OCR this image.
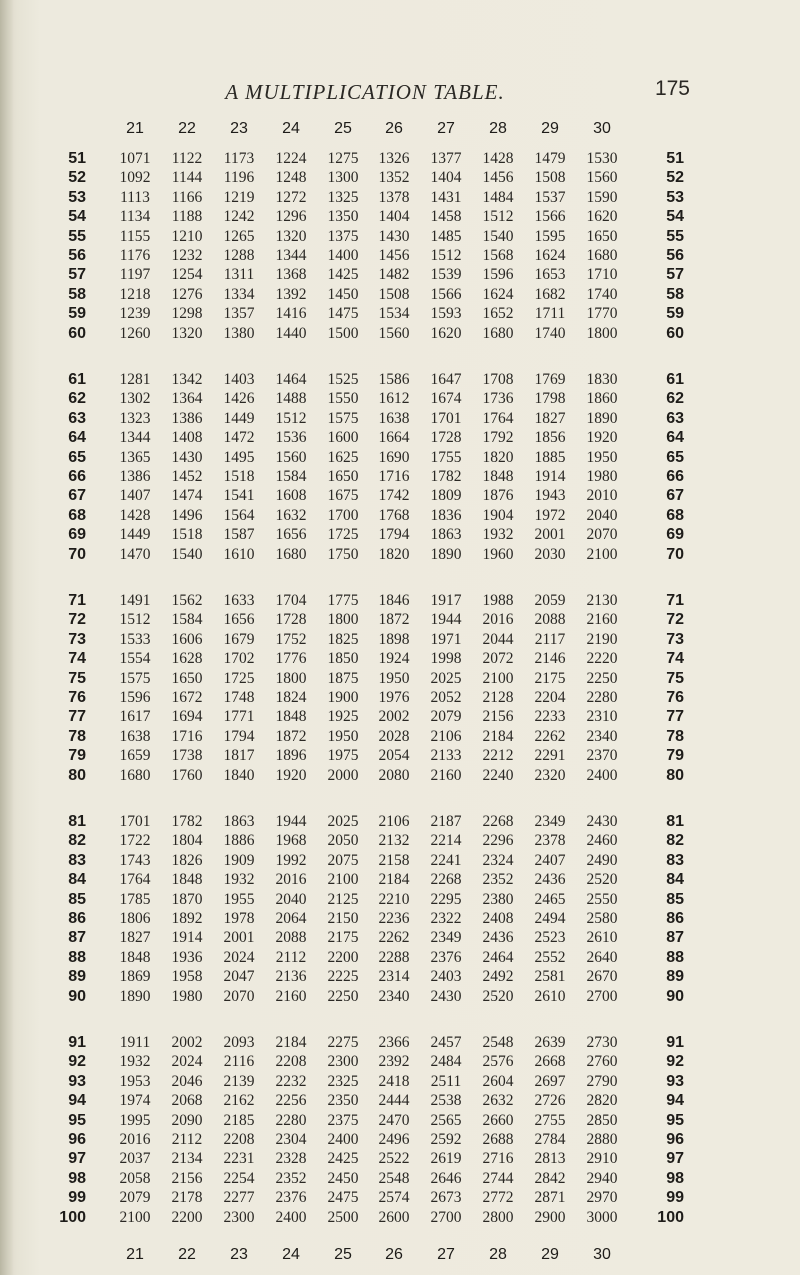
A MULTIPLICATION TABLE.	175
21	22	23	24	25	26	27	28	29	30
51	1071	1122	1173	1224	1275	1326	1377	1428	1479	1530	51
52	1092	1144	1196	1248	1300	1352	1404	1456	1508	1560	52
53	1113	1166	1219	1272	1325	1378	1431	1484	1537	1590	53
54	1134	1188	1242	1296	1350	1404	1458	1512	1566	1620	54
55	1155	1210	1265	1320	1375	1430	1485	1540	1595	1650	55
56	1176	1232	1288	1344	1400	1456	1512	1568	1624	1680	56
57	1197	1254	1311	1368	1425	1482	1539	1596	1653	1710	57
58	1218	1276	1334	1392	1450	1508	1566	1624	1682	1740	58
59	1239	1298	1357	1416	1475	1534	1593	1652	1711	1770	59
60	1260	1320	1380	1440	1500	1560	1620	1680	1740	1800	60
61	1281	1342	1403	1464	1525	1586	1647	1708	1769	1830	61
62	1302	1364	1426	1488	1550	1612	1674	1736	1798	1860	62
63	1323	1386	1449	1512	1575	1638	1701	1764	1827	1890	63
64	1344	1408	1472	1536	1600	1664	1728	1792	1856	1920	64
65	1365	1430	1495	1560	1625	1690	1755	1820	1885	1950	65
66	1386	1452	1518	1584	1650	1716	1782	1848	1914	1980	66
67	1407	1474	1541	1608	1675	1742	1809	1876	1943	2010	67
68	1428	1496	1564	1632	1700	1768	1836	1904	1972	2040	68
69	1449	1518	1587	1656	1725	1794	1863	1932	2001	2070	69
70	1470	1540	1610	1680	1750	1820	1890	1960	2030	2100	70
71	1491	1562	1633	1704	1775	1846	1917	1988	2059	2130	71
72	1512	1584	1656	1728	1800	1872	1944	2016	2088	2160	72
73	1533	1606	1679	1752	1825	1898	1971	2044	2117	2190	73
74	1554	1628	1702	1776	1850	1924	1998	2072	2146	2220	74
75	1575	1650	1725	1800	1875	1950	2025	2100	2175	2250	75
76	1596	1672	1748	1824	1900	1976	2052	2128	2204	2280	76
77	1617	1694	1771	1848	1925	2002	2079	2156	2233	2310	77
78	1638	1716	1794	1872	1950	2028	2106	2184	2262	2340	78
79	1659	1738	1817	1896	1975	2054	2133	2212	2291	2370	79
80	1680	1760	1840	1920	2000	2080	2160	2240	2320	2400	80
81	1701	1782	1863	1944	2025	2106	2187	2268	2349	2430	81
82	1722	1804	1886	1968	2050	2132	2214	2296	2378	2460	82
83	1743	1826	1909	1992	2075	2158	2241	2324	2407	2490	83
84	1764	1848	1932	2016	2100	2184	2268	2352	2436	2520	84
85	1785	1870	1955	2040	2125	2210	2295	2380	2465	2550	85
86	1806	1892	1978	2064	2150	2236	2322	2408	2494	2580	86
87	1827	1914	2001	2088	2175	2262	2349	2436	2523	2610	87
88	1848	1936	2024	2112	2200	2288	2376	2464	2552	2640	88
89	1869	1958	2047	2136	2225	2314	2403	2492	2581	2670	89
90	1890	1980	2070	2160	2250	2340	2430	2520	2610	2700	90
91	1911	2002	2093	2184	2275	2366	2457	2548	2639	2730	91
92	1932	2024	2116	2208	2300	2392	2484	2576	2668	2760	92
93	1953	2046	2139	2232	2325	2418	2511	2604	2697	2790	93
94	1974	2068	2162	2256	2350	2444	2538	2632	2726	2820	94
95	1995	2090	2185	2280	2375	2470	2565	2660	2755	2850	95
96	2016	2112	2208	2304	2400	2496	2592	2688	2784	2880	96
97	2037	2134	2231	2328	2425	2522	2619	2716	2813	2910	97
98	2058	2156	2254	2352	2450	2548	2646	2744	2842	2940	98
99	2079	2178	2277	2376	2475	2574	2673	2772	2871	2970	99
100	2100	2200	2300	2400	2500	2600	2700	2800	2900	3000	100
21	22	23	24	25	26	27	28	29	30
